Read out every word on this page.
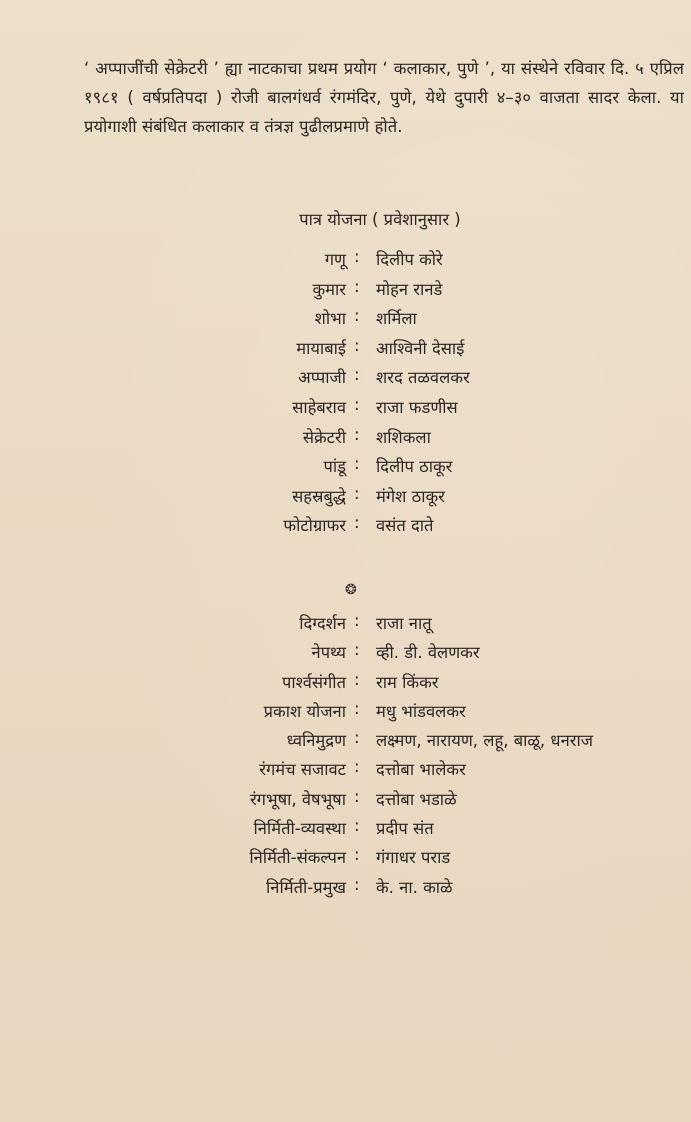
‘ अप्पाजींची सेक्रेटरी ’ ह्या नाटकाचा प्रथम प्रयोग ‘ कलाकार, पुणे ’, या संस्थेने रविवार दि. ५ एप्रिल १९८१ ( वर्षप्रतिपदा ) रोजी बालगंधर्व रंगमंदिर, पुणे, येथे दुपारी ४–३० वाजता सादर केला. या प्रयोगाशी संबंधित कलाकार व तंत्रज्ञ पुढीलप्रमाणे होते.

पात्र योजना ( प्रवेशानुसार )
गणू : दिलीप कोरे
कुमार : मोहन रानडे
शोभा : शर्मिला
मायाबाई : आश्विनी देसाई
अप्पाजी : शरद तळवलकर
साहेबराव : राजा फडणीस
सेक्रेटरी : शशिकला
पांडू : दिलीप ठाकूर
सहस्रबुद्धे : मंगेश ठाकूर
फोटोग्राफर : वसंत दाते
❂
दिग्दर्शन : राजा नातू
नेपथ्य : व्ही. डी. वेलणकर
पार्श्वसंगीत : राम किंकर
प्रकाश योजना : मधु भांडवलकर
ध्वनिमुद्रण : लक्ष्मण, नारायण, लहू, बाळू, धनराज
रंगमंच सजावट : दत्तोबा भालेकर
रंगभूषा, वेषभूषा : दत्तोबा भडाळे
निर्मिती-व्यवस्था : प्रदीप संत
निर्मिती-संकल्पन : गंगाधर पराड
निर्मिती-प्रमुख : के. ना. काळे
